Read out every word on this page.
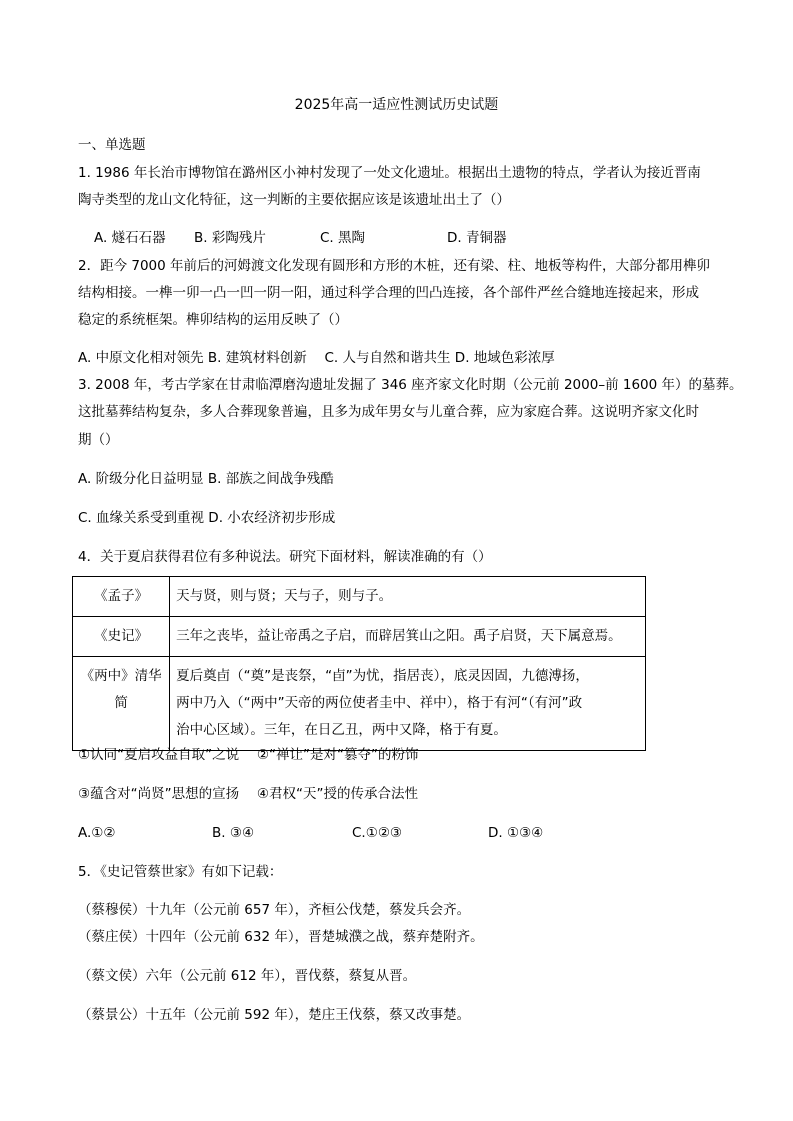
2025年高一适应性测试历史试题
一、单选题
1. 1986 年长治市博物馆在潞州区小神村发现了一处文化遗址。根据出土遗物的特点，学者认为接近晋南
陶寺类型的龙山文化特征，这一判断的主要依据应该是该遗址出土了（）
A. 燧石石器 B. 彩陶残片	C. 黑陶	D. 青铜器
2．距今 7000 年前后的河姆渡文化发现有圆形和方形的木桩，还有梁、柱、地板等构件，大部分都用榫卯
结构相接。一榫一卯一凸一凹一阴一阳，通过科学合理的凹凸连接，各个部件严丝合缝地连接起来，形成
稳定的系统框架。榫卯结构的运用反映了（）
A. 中原文化相对领先 B. 建筑材料创新　 C. 人与自然和谐共生 D. 地域色彩浓厚
3. 2008 年，考古学家在甘肃临潭磨沟遗址发掘了 346 座齐家文化时期（公元前 2000–前 1600 年）的墓葬。
这批墓葬结构复杂，多人合葬现象普遍，且多为成年男女与儿童合葬，应为家庭合葬。这说明齐家文化时
期（）
A. 阶级分化日益明显 B. 部族之间战争残酷
C. 血缘关系受到重视 D. 小农经济初步形成
4．关于夏启获得君位有多种说法。研究下面材料，解读准确的有（）
《孟子》	天与贤，则与贤；天与子，则与子。

《史记》	三年之丧毕，益让帝禹之子启，而辟居箕山之阳。禹子启贤，天下属意焉。

《两中》清华简	夏后奠卣（“奠”是丧祭，“卣”为忧，指居丧），底灵因固，九德溥扬，
两中乃入（“两中”天帝的两位使者圭中、祥中），格于有河“（有河”政
治中心区域）。三年，在日乙丑，两中又降，格于有夏。
①认同“夏启攻益自取”之说　 ②“禅让”是对“篡夺”的粉饰
③蕴含对“尚贤”思想的宣扬　 ④君权“天”授的传承合法性
A.①②	B. ③④	C.①②③	D. ①③④
5．《史记管蔡世家》有如下记载：
（蔡穆侯）十九年（公元前 657 年），齐桓公伐楚，蔡发兵会齐。
（蔡庄侯）十四年（公元前 632 年），晋楚城濮之战，蔡弃楚附齐。
（蔡文侯）六年（公元前 612 年），晋伐蔡，蔡复从晋。
（蔡景公）十五年（公元前 592 年），楚庄王伐蔡，蔡又改事楚。
